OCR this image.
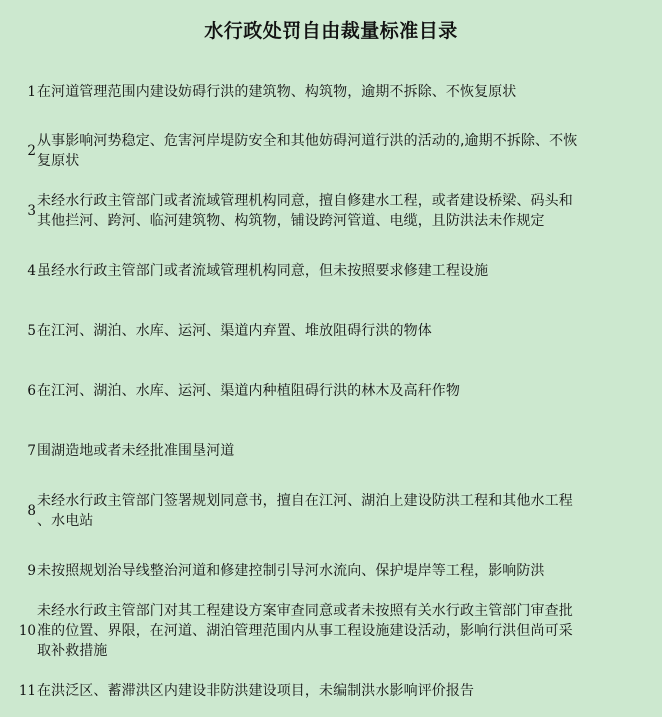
水行政处罚自由裁量标准目录
1 在河道管理范围内建设妨碍行洪的建筑物、构筑物，逾期不拆除、不恢复原状
2
从事影响河势稳定、危害河岸堤防安全和其他妨碍河道行洪的活动的,逾期不拆除、不恢
复原状
3
未经水行政主管部门或者流域管理机构同意，擅自修建水工程，或者建设桥梁、码头和
其他拦河、跨河、临河建筑物、构筑物，铺设跨河管道、电缆，且防洪法未作规定
4 虽经水行政主管部门或者流域管理机构同意，但未按照要求修建工程设施
5 在江河、湖泊、水库、运河、渠道内弃置、堆放阻碍行洪的物体
6 在江河、湖泊、水库、运河、渠道内种植阻碍行洪的林木及高秆作物
7 围湖造地或者未经批准围垦河道
8
未经水行政主管部门签署规划同意书，擅自在江河、湖泊上建设防洪工程和其他水工程
、水电站
9 未按照规划治导线整治河道和修建控制引导河水流向、保护堤岸等工程，影响防洪
10
未经水行政主管部门对其工程建设方案审查同意或者未按照有关水行政主管部门审查批
准的位置、界限，在河道、湖泊管理范围内从事工程设施建设活动，影响行洪但尚可采
取补救措施
11 在洪泛区、蓄滞洪区内建设非防洪建设项目，未编制洪水影响评价报告
